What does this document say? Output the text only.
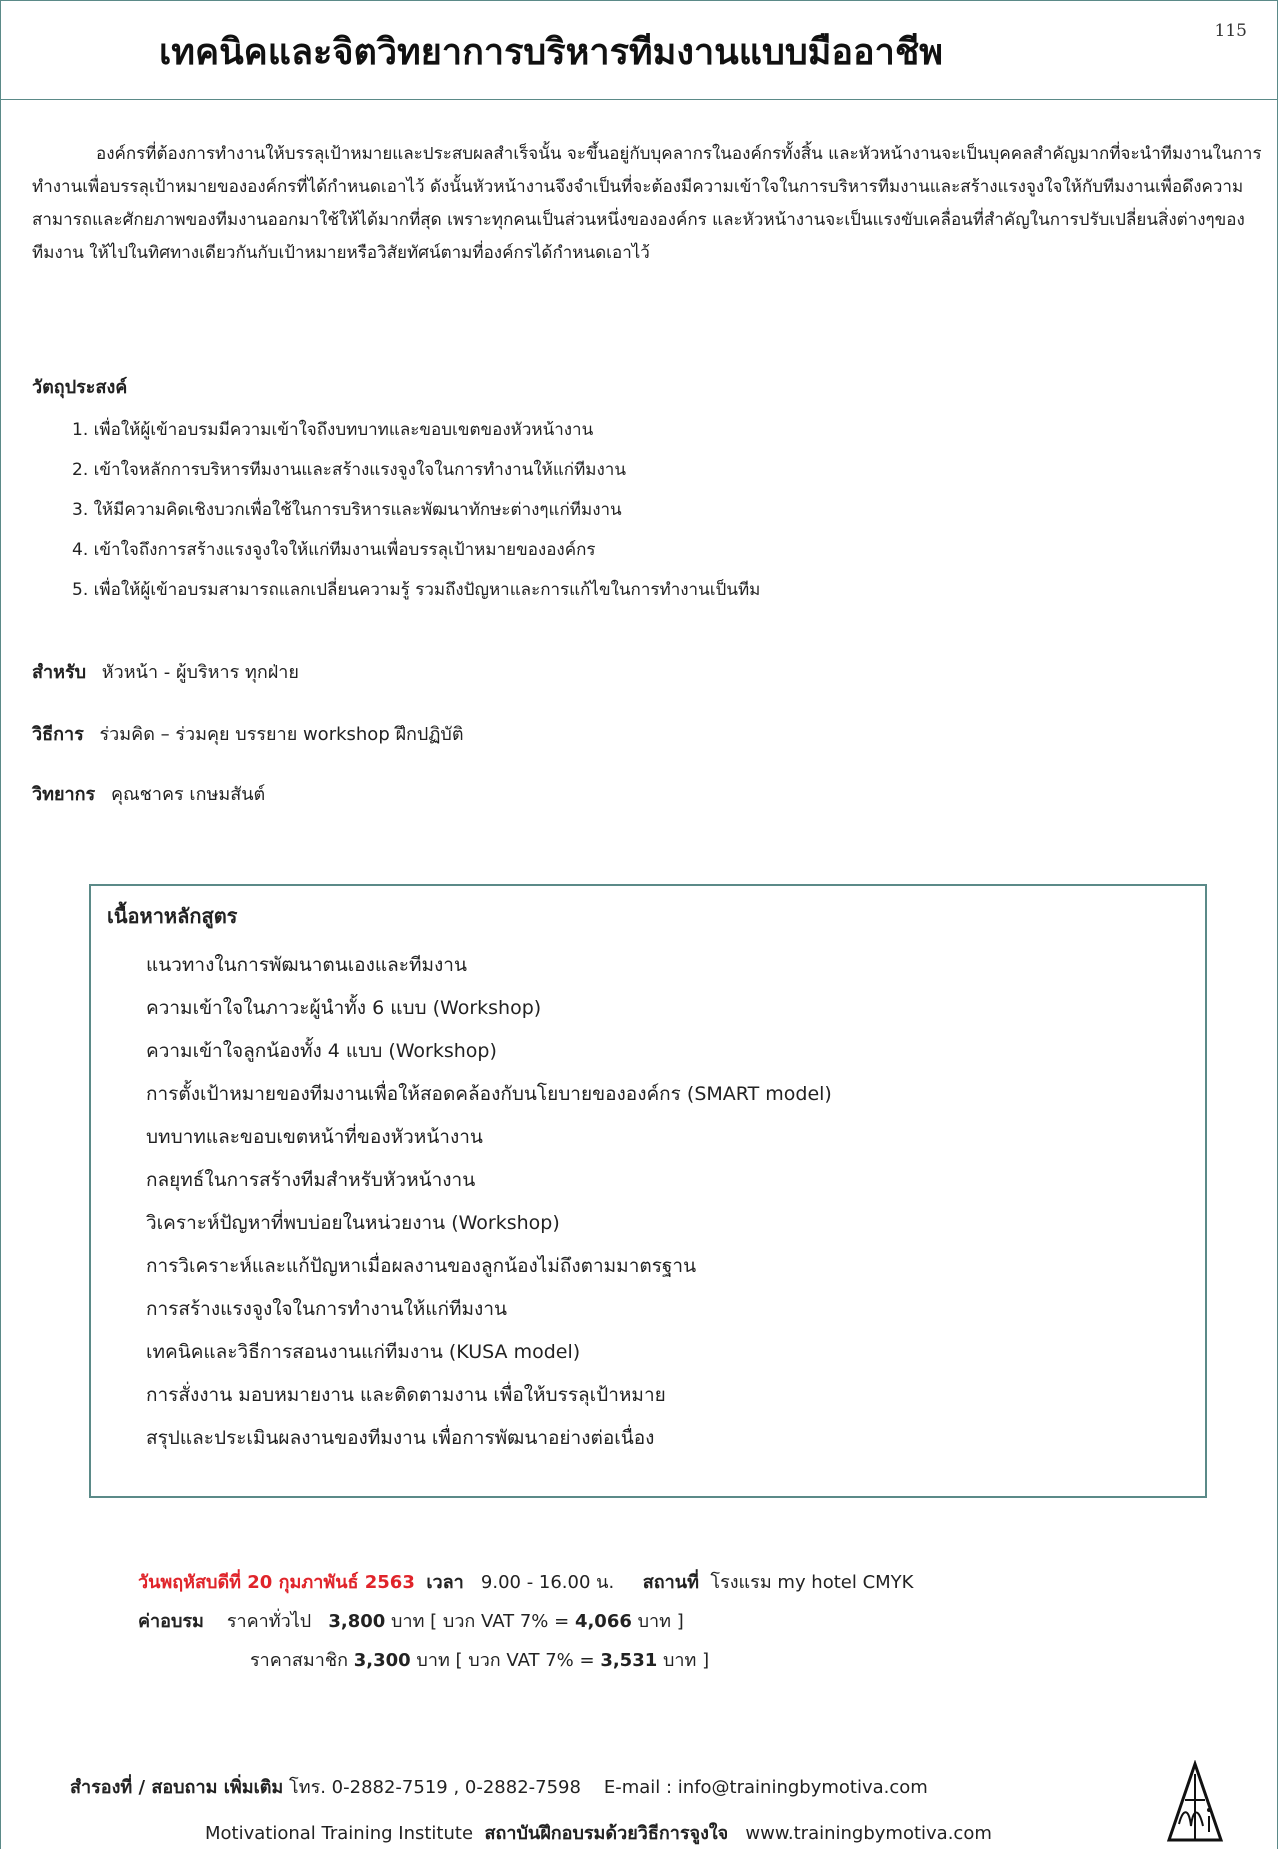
เทคนิคและจิตวิทยาการบริหารทีมงานแบบมืออาชีพ
115

องค์กรที่ต้องการทำงานให้บรรลุเป้าหมายและประสบผลสำเร็จนั้น จะขึ้นอยู่กับบุคลากรในองค์กรทั้งสิ้น และหัวหน้างานจะเป็นบุคคลสำคัญมากที่จะนำทีมงานในการทำงานเพื่อบรรลุเป้าหมายขององค์กรที่ได้กำหนดเอาไว้ ดังนั้นหัวหน้างานจึงจำเป็นที่จะต้องมีความเข้าใจในการบริหารทีมงานและสร้างแรงจูงใจให้กับทีมงานเพื่อดึงความสามารถและศักยภาพของทีมงานออกมาใช้ให้ได้มากที่สุด เพราะทุกคนเป็นส่วนหนึ่งขององค์กร และหัวหน้างานจะเป็นแรงขับเคลื่อนที่สำคัญในการปรับเปลี่ยนสิ่งต่างๆของทีมงาน ให้ไปในทิศทางเดียวกันกับเป้าหมายหรือวิสัยทัศน์ตามที่องค์กรได้กำหนดเอาไว้

วัตถุประสงค์
1. เพื่อให้ผู้เข้าอบรมมีความเข้าใจถึงบทบาทและขอบเขตของหัวหน้างาน
2. เข้าใจหลักการบริหารทีมงานและสร้างแรงจูงใจในการทำงานให้แก่ทีมงาน
3. ให้มีความคิดเชิงบวกเพื่อใช้ในการบริหารและพัฒนาทักษะต่างๆแก่ทีมงาน
4. เข้าใจถึงการสร้างแรงจูงใจให้แก่ทีมงานเพื่อบรรลุเป้าหมายขององค์กร
5. เพื่อให้ผู้เข้าอบรมสามารถแลกเปลี่ยนความรู้ รวมถึงปัญหาและการแก้ไขในการทำงานเป็นทีม
สำหรับ หัวหน้า - ผู้บริหาร ทุกฝ่าย
วิธีการ ร่วมคิด – ร่วมคุย บรรยาย workshop ฝึกปฏิบัติ
วิทยากร คุณชาคร เกษมสันต์
เนื้อหาหลักสูตร
แนวทางในการพัฒนาตนเองและทีมงาน
ความเข้าใจในภาวะผู้นำทั้ง 6 แบบ (Workshop)
ความเข้าใจลูกน้องทั้ง 4 แบบ (Workshop)
การตั้งเป้าหมายของทีมงานเพื่อให้สอดคล้องกับนโยบายขององค์กร (SMART model)
บทบาทและขอบเขตหน้าที่ของหัวหน้างาน
กลยุทธ์ในการสร้างทีมสำหรับหัวหน้างาน
วิเคราะห์ปัญหาที่พบบ่อยในหน่วยงาน (Workshop)
การวิเคราะห์และแก้ปัญหาเมื่อผลงานของลูกน้องไม่ถึงตามมาตรฐาน
การสร้างแรงจูงใจในการทำงานให้แก่ทีมงาน
เทคนิคและวิธีการสอนงานแก่ทีมงาน (KUSA model)
การสั่งงาน มอบหมายงาน และติดตามงาน เพื่อให้บรรลุเป้าหมาย
สรุปและประเมินผลงานของทีมงาน เพื่อการพัฒนาอย่างต่อเนื่อง
วันพฤหัสบดีที่ 20 กุมภาพันธ์ 2563 เวลา 9.00 - 16.00 น. สถานที่ โรงแรม my hotel CMYK
ค่าอบรม ราคาทั่วไป 3,800 บาท [ บวก VAT 7% = 4,066 บาท ]
ราคาสมาชิก 3,300 บาท [ บวก VAT 7% = 3,531 บาท ]
สำรองที่ / สอบถาม เพิ่มเติม โทร. 0-2882-7519 , 0-2882-7598 E-mail : info@trainingbymotiva.com
Motivational Training Institute สถาบันฝึกอบรมด้วยวิธีการจูงใจ www.trainingbymotiva.com
